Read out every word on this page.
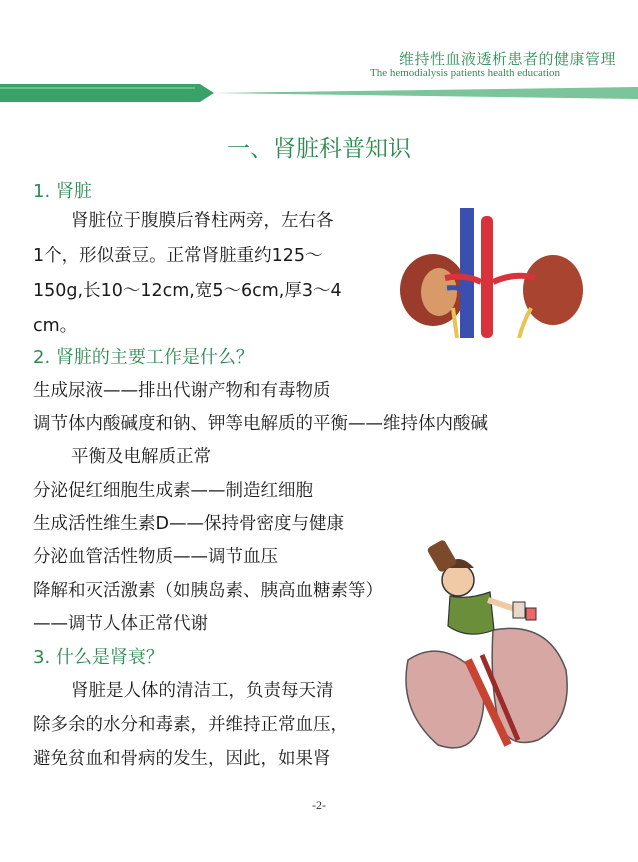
维持性血液透析患者的健康管理
The hemodialysis patients health education
一、肾脏科普知识
1. 肾脏
肾脏位于腹膜后脊柱两旁，左右各
1个，形似蚕豆。正常肾脏重约125～
150g,长10～12cm,宽5～6cm,厚3～4
cm。
2. 肾脏的主要工作是什么？
生成尿液——排出代谢产物和有毒物质
调节体内酸碱度和钠、钾等电解质的平衡——维持体内酸碱
平衡及电解质正常
分泌促红细胞生成素——制造红细胞
生成活性维生素D——保持骨密度与健康
分泌血管活性物质——调节血压
降解和灭活激素（如胰岛素、胰高血糖素等）
——调节人体正常代谢
3. 什么是肾衰？
肾脏是人体的清洁工，负责每天清
除多余的水分和毒素，并维持正常血压，
避免贫血和骨病的发生，因此，如果肾
-2-
